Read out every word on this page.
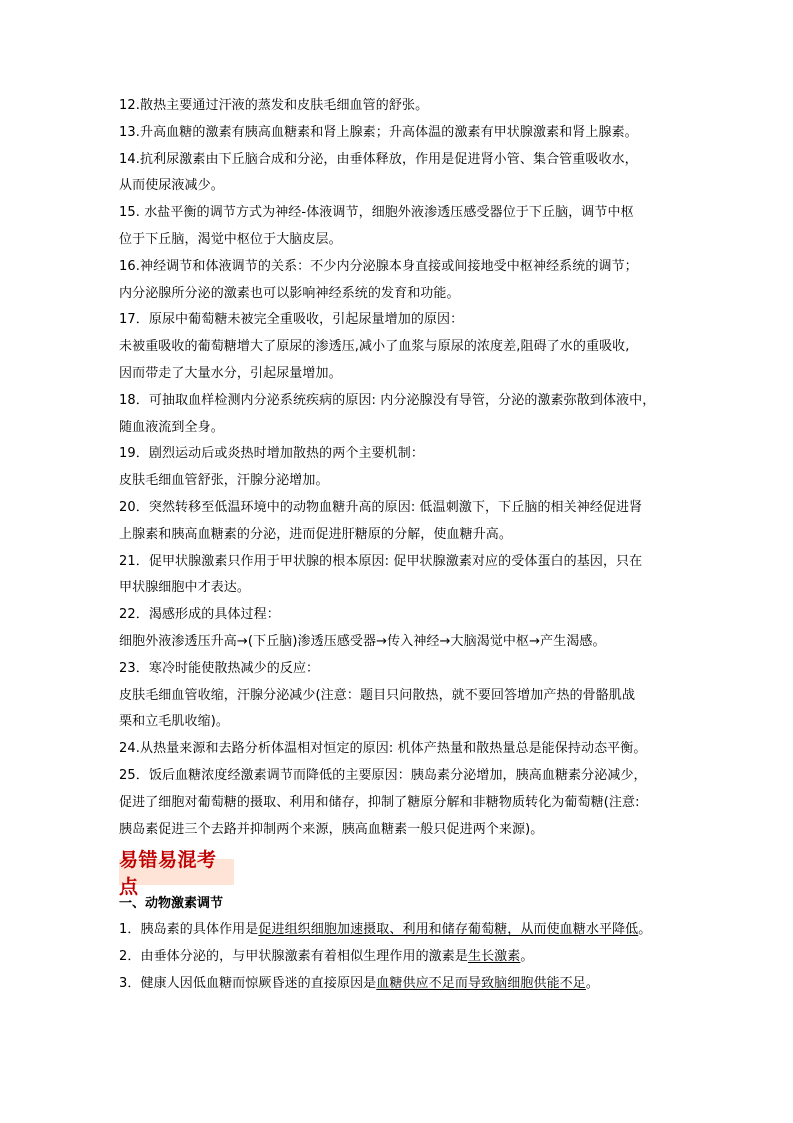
12.散热主要通过汗液的蒸发和皮肤毛细血管的舒张。

13.升高血糖的激素有胰高血糖素和肾上腺素；升高体温的激素有甲状腺激素和肾上腺素。

14.抗利尿激素由下丘脑合成和分泌，由垂体释放，作用是促进肾小管、集合管重吸收水，

从而使尿液减少。

15. 水盐平衡的调节方式为神经-体液调节，细胞外液渗透压感受器位于下丘脑，调节中枢

位于下丘脑，渴觉中枢位于大脑皮层。

16.神经调节和体液调节的关系：不少内分泌腺本身直接或间接地受中枢神经系统的调节；

内分泌腺所分泌的激素也可以影响神经系统的发育和功能。

17．原尿中葡萄糖未被完全重吸收，引起尿量增加的原因：

未被重吸收的葡萄糖增大了原尿的渗透压,减小了血浆与原尿的浓度差,阻碍了水的重吸收,

因而带走了大量水分，引起尿量增加。

18．可抽取血样检测内分泌系统疾病的原因: 内分泌腺没有导管，分泌的激素弥散到体液中，

随血液流到全身。

19．剧烈运动后或炎热时增加散热的两个主要机制：

皮肤毛细血管舒张，汗腺分泌增加。

20．突然转移至低温环境中的动物血糖升高的原因: 低温刺激下，下丘脑的相关神经促进肾

上腺素和胰高血糖素的分泌，进而促进肝糖原的分解，使血糖升高。

21．促甲状腺激素只作用于甲状腺的根本原因: 促甲状腺激素对应的受体蛋白的基因，只在

甲状腺细胞中才表达。

22．渴感形成的具体过程：

细胞外液渗透压升高→(下丘脑)渗透压感受器→传入神经→大脑渴觉中枢→产生渴感。

23．寒冷时能使散热减少的反应：

皮肤毛细血管收缩，汗腺分泌减少(注意：题目只问散热，就不要回答增加产热的骨骼肌战

栗和立毛肌收缩)。

24.从热量来源和去路分析体温相对恒定的原因: 机体产热量和散热量总是能保持动态平衡。

25．饭后血糖浓度经激素调节而降低的主要原因：胰岛素分泌增加，胰高血糖素分泌减少，

促进了细胞对葡萄糖的摄取、利用和储存，抑制了糖原分解和非糖物质转化为葡萄糖(注意:

胰岛素促进三个去路并抑制两个来源，胰高血糖素一般只促进两个来源)。

易错易混考点

一、动物激素调节

1．胰岛素的具体作用是促进组织细胞加速摄取、利用和储存葡萄糖，从而使血糖水平降低。

2．由垂体分泌的，与甲状腺激素有着相似生理作用的激素是生长激素。

3．健康人因低血糖而惊厥昏迷的直接原因是血糖供应不足而导致脑细胞供能不足。
